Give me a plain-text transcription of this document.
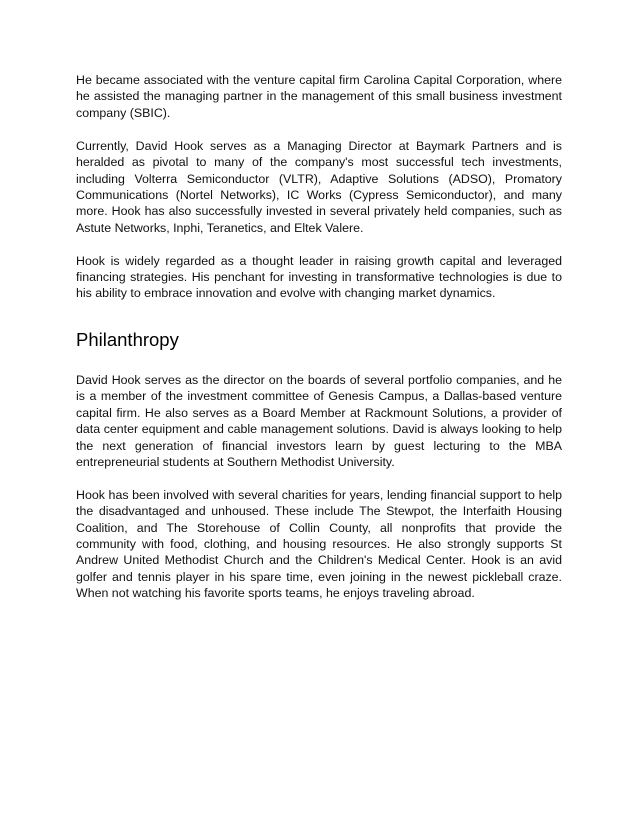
He became associated with the venture capital firm Carolina Capital Corporation, where he assisted the managing partner in the management of this small business investment company (SBIC).

Currently, David Hook serves as a Managing Director at Baymark Partners and is heralded as pivotal to many of the company's most successful tech investments, including Volterra Semiconductor (VLTR), Adaptive Solutions (ADSO), Promatory Communications (Nortel Networks), IC Works (Cypress Semiconductor), and many more. Hook has also successfully invested in several privately held companies, such as Astute Networks, Inphi, Teranetics, and Eltek Valere.

Hook is widely regarded as a thought leader in raising growth capital and leveraged financing strategies. His penchant for investing in transformative technologies is due to his ability to embrace innovation and evolve with changing market dynamics.

Philanthropy

David Hook serves as the director on the boards of several portfolio companies, and he is a member of the investment committee of Genesis Campus, a Dallas-based venture capital firm. He also serves as a Board Member at Rackmount Solutions, a provider of data center equipment and cable management solutions. David is always looking to help the next generation of financial investors learn by guest lecturing to the MBA entrepreneurial students at Southern Methodist University.

Hook has been involved with several charities for years, lending financial support to help the disadvantaged and unhoused. These include The Stewpot, the Interfaith Housing Coalition, and The Storehouse of Collin County, all nonprofits that provide the community with food, clothing, and housing resources. He also strongly supports St Andrew United Methodist Church and the Children's Medical Center. Hook is an avid golfer and tennis player in his spare time, even joining in the newest pickleball craze. When not watching his favorite sports teams, he enjoys traveling abroad.
